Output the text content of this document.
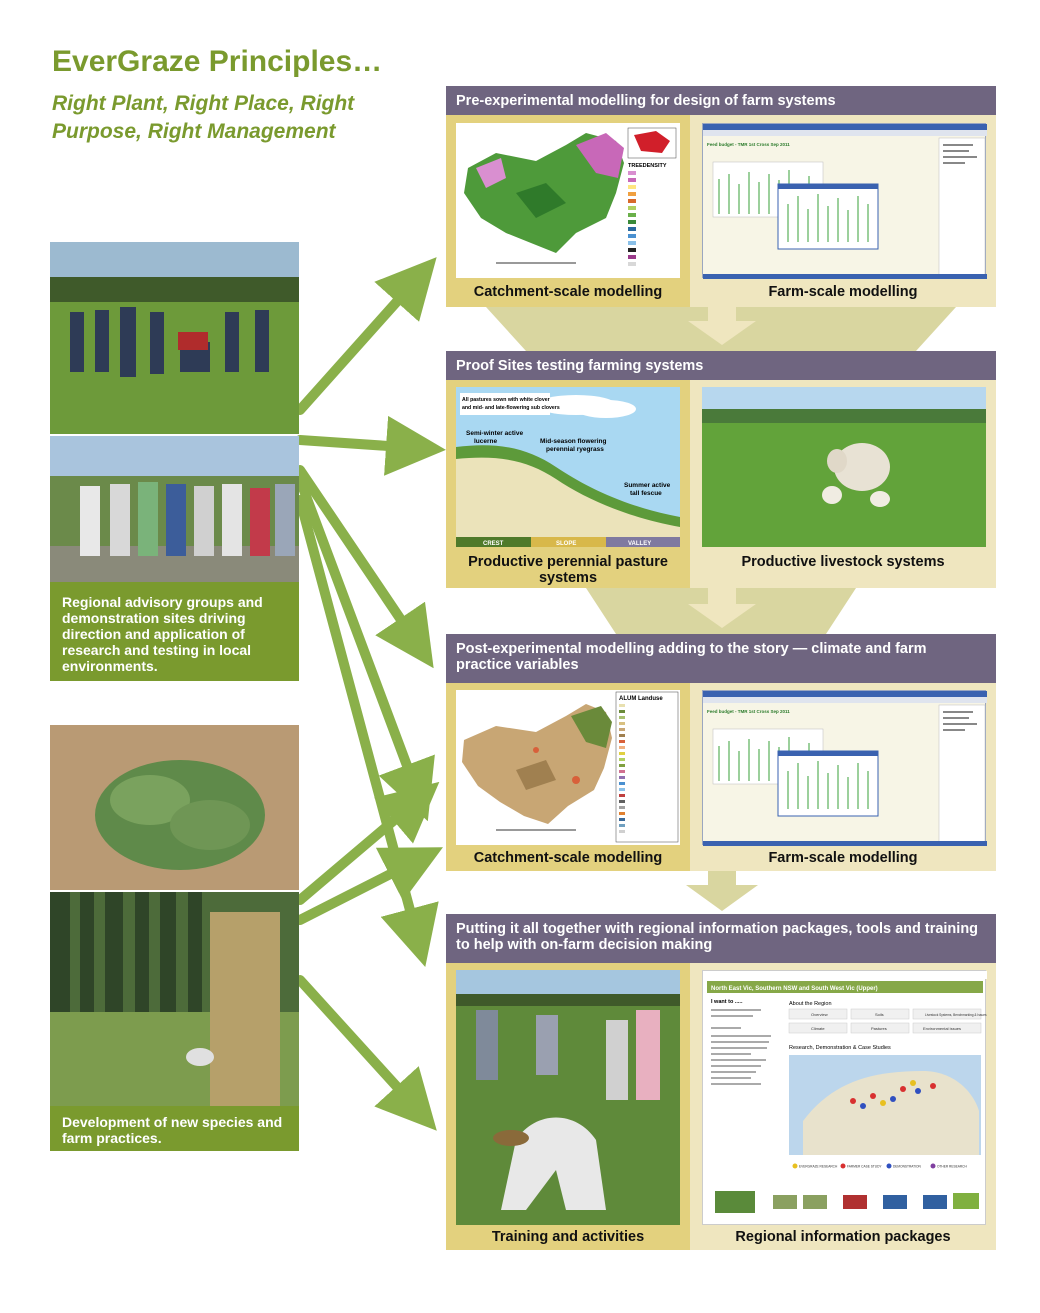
EverGraze Principles…
Right Plant, Right Place, Right Purpose, Right Management
Regional advisory groups and demonstration sites driving direction and application of research and testing in local environments.
Development of new species and farm practices.
Pre-experimental modelling for design of farm systems
TREEDENSITY
Catchment-scale modelling
Feed budget - TMR 1st Cross Sep 2011
Farm-scale modelling
Proof Sites testing farming systems
All pastures sown with white clover
and mid- and late-flowering sub clovers
Semi-winter active
lucerne	Mid-season flowering
perennial ryegrass
Summer active
tall fescue
CREST	SLOPE	VALLEY
Productive perennial pasture systems
Productive livestock systems
Post-experimental modelling adding to the story — climate and farm practice variables
ALUM Landuse
Catchment-scale modelling
Feed budget - TMR 1st Cross Sep 2011
Farm-scale modelling
Putting it all together with regional information packages, tools and training to help with on-farm decision making
Training and activities
North East Vic, Southern NSW and South West Vic (Upper)
I want to .....	About the Region
Overview	Soils	Livestock Systems, Benchmarking & Issues
Climate	Pastures	Environmental issues
Research, Demonstration & Case Studies
EVERGRAZE RESEARCH	FARMER CASE STUDY	DEMONSTRATION	OTHER RESEARCH
Regional information packages
